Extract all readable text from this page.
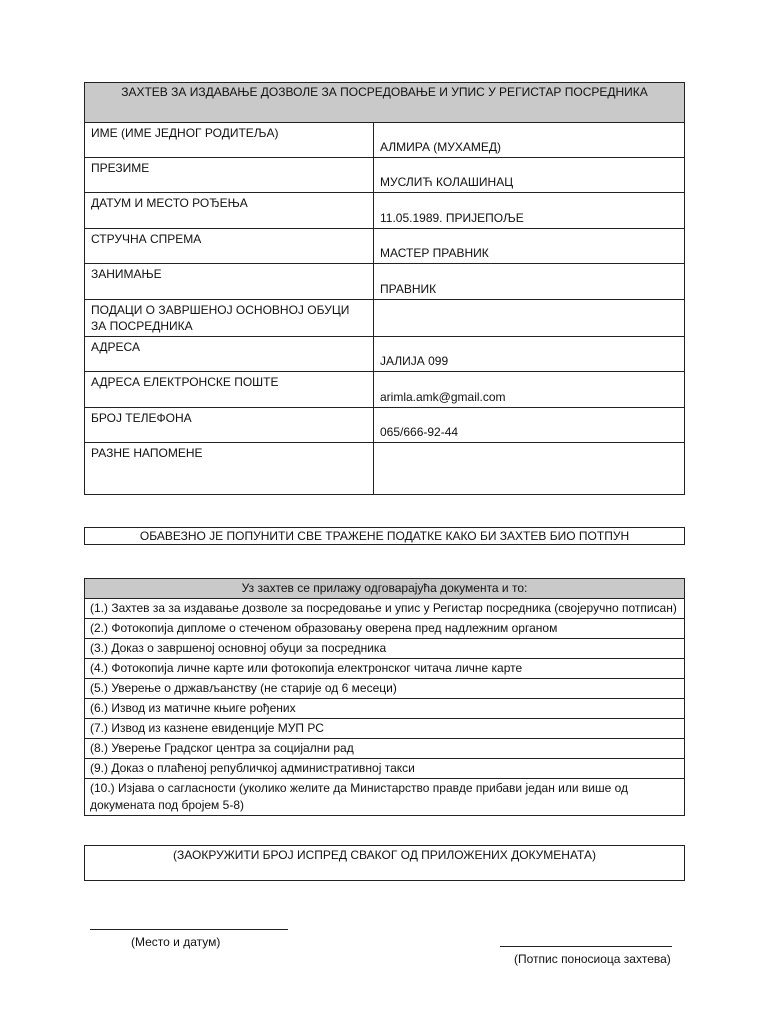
ЗАХТЕВ ЗА ИЗДАВАЊЕ ДОЗВОЛЕ ЗА ПОСРЕДОВАЊЕ И УПИС У РЕГИСТАР ПОСРЕДНИКА	
ИМЕ (ИМЕ ЈЕДНОГ РОДИТЕЉА)	АЛМИРА (МУХАМЕД)
ПРЕЗИМЕ	МУСЛИЋ КОЛАШИНАЦ
ДАТУМ И МЕСТО РОЂЕЊА	11.05.1989. ПРИЈЕПОЉЕ
СТРУЧНА СПРЕМА	МАСТЕР ПРАВНИК
ЗАНИМАЊЕ	ПРАВНИК
ПОДАЦИ О ЗАВРШЕНОЈ ОСНОВНОЈ ОБУЦИ ЗА ПОСРЕДНИКА	
АДРЕСА	ЈАЛИЈА 099
АДРЕСА ЕЛЕКТРОНСКЕ ПОШТЕ	arimla.amk@gmail.com
БРОЈ ТЕЛЕФОНА	065/666-92-44
РАЗНЕ НАПОМЕНЕ	
ОБАВЕЗНО ЈЕ ПОПУНИТИ СВЕ ТРАЖЕНЕ ПОДАТКЕ КАКО БИ ЗАХТЕВ БИО ПОТПУН
Уз захтев се прилажу одговарајућа документа и то:
(1.) Захтев за за издавање дозволе за посредовање и упис у Регистар посредника (својеручно потписан)
(2.) Фотокопија дипломе о стеченом образовању оверена пред надлежним органом
(3.) Доказ о завршеној основној обуци за посредника
(4.) Фотокопија личне карте или фотокопија електронског читача личне карте
(5.) Уверење о држављанству (не старије од 6 месеци)
(6.) Извод из матичне књиге рођених
(7.) Извод из казнене евиденције МУП РС
(8.) Уверење Градског центра за социјални рад
(9.) Доказ о плаћеној републичкој административној такси
(10.) Изјава о сагласности (уколико желите да Министарство правде прибави један или више од докумената под бројем 5-8)
(ЗАОКРУЖИТИ БРОЈ ИСПРЕД СВАКОГ ОД ПРИЛОЖЕНИХ ДОКУМЕНАТА)
(Место и датум)
(Потпис поносиоца захтева)
